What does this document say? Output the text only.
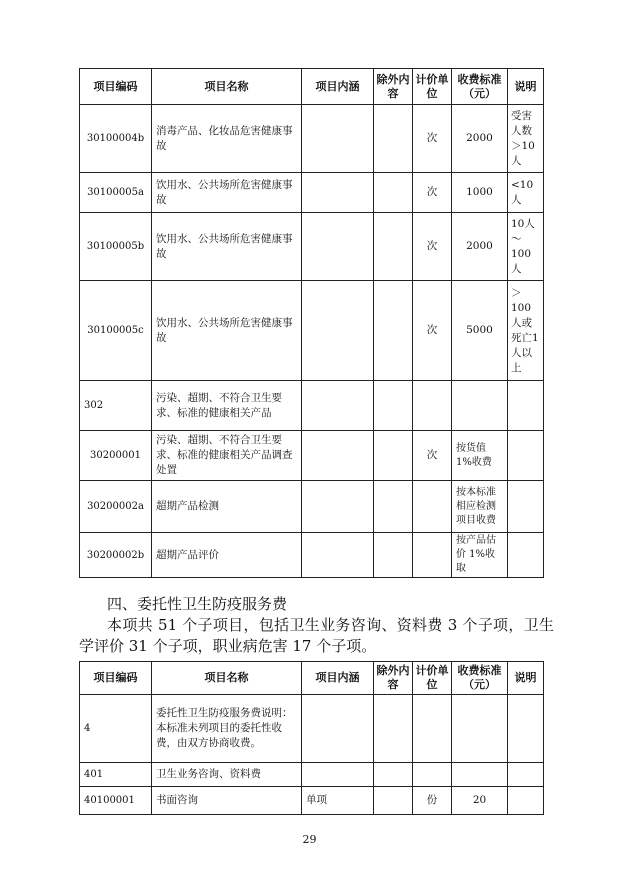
项目编码	项目名称	项目内涵	除外内容	计价单位	收费标准（元）	说明
30100004b	消毒产品、化妆品危害健康事故			次	2000	受害人数＞10人
30100005a	饮用水、公共场所危害健康事故			次	1000	<10人
30100005b	饮用水、公共场所危害健康事故			次	2000	10人～100人
30100005c	饮用水、公共场所危害健康事故			次	5000	＞100人或死亡1人以上
302	污染、超期、不符合卫生要求、标准的健康相关产品					
30200001	污染、超期、不符合卫生要求、标准的健康相关产品调查处置			次	按货值 1%收费	
30200002a	超期产品检测				按本标准相应检测项目收费	
30200002b	超期产品评价				按产品估价 1%收取	

四、委托性卫生防疫服务费

本项共 51 个子项目，包括卫生业务咨询、资料费 3 个子项，卫生学评价 31 个子项，职业病危害 17 个子项。

项目编码	项目名称	项目内涵	除外内容	计价单位	收费标准（元）	说明
4	委托性卫生防疫服务费说明：本标准未列项目的委托性收费，由双方协商收费。					
401	卫生业务咨询、资料费					
40100001	书面咨询	单项		份	20	
29
